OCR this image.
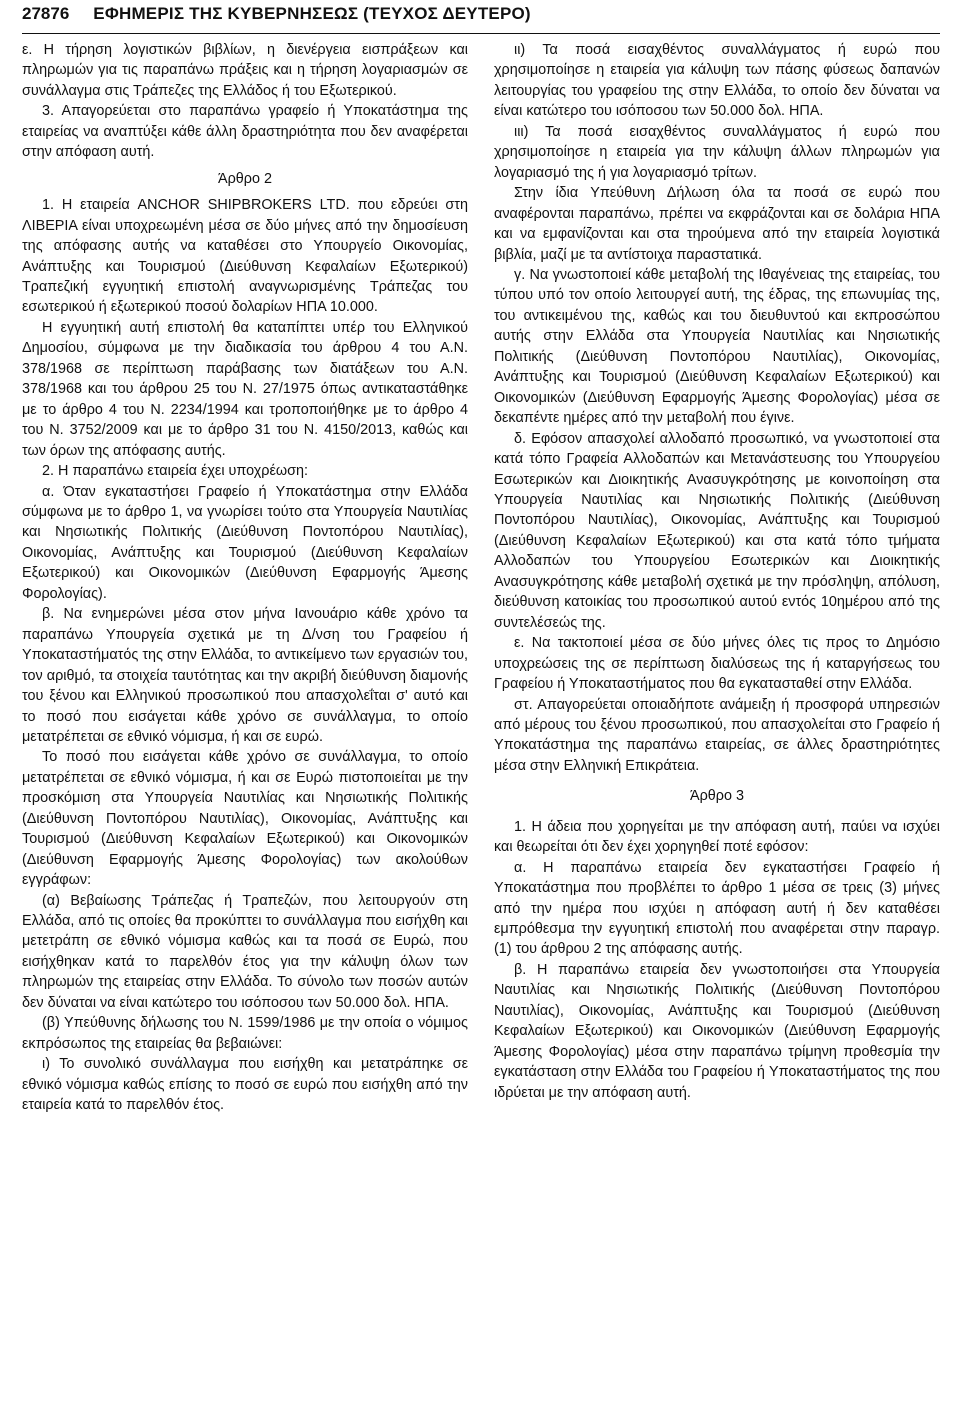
27876 ΕΦΗΜΕΡΙΣ ΤΗΣ ΚΥΒΕΡΝΗΣΕΩΣ (ΤΕΥΧΟΣ ΔΕΥΤΕΡΟ)

ε. Η τήρηση λογιστικών βιβλίων, η διενέργεια εισπράξεων και πληρωμών για τις παραπάνω πράξεις και η τήρηση λογαριασμών σε συνάλλαγμα στις Τράπεζες της Ελλάδος ή του Εξωτερικού.

3. Απαγορεύεται στο παραπάνω γραφείο ή Υποκατάστημα της εταιρείας να αναπτύξει κάθε άλλη δραστηριότητα που δεν αναφέρεται στην απόφαση αυτή.

Άρθρο 2

1. Η εταιρεία ANCHOR SHIPBROKERS LTD. που εδρεύει στη ΛΙΒΕΡΙΑ είναι υποχρεωμένη μέσα σε δύο μήνες από την δημοσίευση της απόφασης αυτής να καταθέσει στο Υπουργείο Οικονομίας, Ανάπτυξης και Τουρισμού (Διεύθυνση Κεφαλαίων Εξωτερικού) Τραπεζική εγγυητική επιστολή αναγνωρισμένης Τράπεζας του εσωτερικού ή εξωτερικού ποσού δολαρίων ΗΠΑ 10.000.

Η εγγυητική αυτή επιστολή θα καταπίπτει υπέρ του Ελληνικού Δημοσίου, σύμφωνα με την διαδικασία του άρθρου 4 του Α.Ν. 378/1968 σε περίπτωση παράβασης των διατάξεων του Α.Ν. 378/1968 και του άρθρου 25 του Ν. 27/1975 όπως αντικαταστάθηκε με το άρθρο 4 του Ν. 2234/1994 και τροποποιήθηκε με το άρθρο 4 του Ν. 3752/2009 και με το άρθρο 31 του Ν. 4150/2013, καθώς και των όρων της απόφασης αυτής.

2. Η παραπάνω εταιρεία έχει υποχρέωση:

α. Όταν εγκαταστήσει Γραφείο ή Υποκατάστημα στην Ελλάδα σύμφωνα με το άρθρο 1, να γνωρίσει τούτο στα Υπουργεία Ναυτιλίας και Νησιωτικής Πολιτικής (Διεύθυνση Ποντοπόρου Ναυτιλίας), Οικονομίας, Ανάπτυξης και Τουρισμού (Διεύθυνση Κεφαλαίων Εξωτερικού) και Οικονομικών (Διεύθυνση Εφαρμογής Άμεσης Φορολογίας).

β. Να ενημερώνει μέσα στον μήνα Ιανουάριο κάθε χρόνο τα παραπάνω Υπουργεία σχετικά με τη Δ/νση του Γραφείου ή Υποκαταστήματός της στην Ελλάδα, το αντικείμενο των εργασιών του, τον αριθμό, τα στοιχεία ταυτότητας και την ακριβή διεύθυνση διαμονής του ξένου και Ελληνικού προσωπικού που απασχολεΐται σ' αυτό και το ποσό που εισάγεται κάθε χρόνο σε συνάλλαγμα, το οποίο μετατρέπεται σε εθνικό νόμισμα, ή και σε ευρώ.

Το ποσό που εισάγεται κάθε χρόνο σε συνάλλαγμα, το οποίο μετατρέπεται σε εθνικό νόμισμα, ή και σε Ευρώ πιστοποιείται με την προσκόμιση στα Υπουργεία Ναυτιλίας και Νησιωτικής Πολιτικής (Διεύθυνση Ποντοπόρου Ναυτιλίας), Οικονομίας, Ανάπτυξης και Τουρισμού (Διεύθυνση Κεφαλαίων Εξωτερικού) και Οικονομικών (Διεύθυνση Εφαρμογής Άμεσης Φορολογίας) των ακολούθων εγγράφων:

(α) Βεβαίωσης Τράπεζας ή Τραπεζών, που λειτουργούν στη Ελλάδα, από τις οποίες θα προκύπτει το συνάλλαγμα που εισήχθη και μετετράπη σε εθνικό νόμισμα καθώς και τα ποσά σε Ευρώ, που εισήχθηκαν κατά το παρελθόν έτος για την κάλυψη όλων των πληρωμών της εταιρείας στην Ελλάδα. Το σύνολο των ποσών αυτών δεν δύναται να είναι κατώτερο του ισόποσου των 50.000 δολ. ΗΠΑ.

(β) Υπεύθυνης δήλωσης του Ν. 1599/1986 με την οποία ο νόμιμος εκπρόσωπος της εταιρείας θα βεβαιώνει:

ι) Το συνολικό συνάλλαγμα που εισήχθη και μετατράπηκε σε εθνικό νόμισμα καθώς επίσης το ποσό σε ευρώ που εισήχθη από την εταιρεία κατά το παρελθόν έτος.

ιι) Τα ποσά εισαχθέντος συναλλάγματος ή ευρώ που χρησιμοποίησε η εταιρεία για κάλυψη των πάσης φύσεως δαπανών λειτουργίας του γραφείου της στην Ελλάδα, το οποίο δεν δύναται να είναι κατώτερο του ισόποσου των 50.000 δολ. ΗΠΑ.

ιιι) Τα ποσά εισαχθέντος συναλλάγματος ή ευρώ που χρησιμοποίησε η εταιρεία για την κάλυψη άλλων πληρωμών για λογαριασμό της ή για λογαριασμό τρίτων.

Στην ίδια Υπεύθυνη Δήλωση όλα τα ποσά σε ευρώ που αναφέρονται παραπάνω, πρέπει να εκφράζονται και σε δολάρια ΗΠΑ και να εμφανίζονται και στα τηρούμενα από την εταιρεία λογιστικά βιβλία, μαζί με τα αντίστοιχα παραστατικά.

γ. Να γνωστοποιεί κάθε μεταβολή της Ιθαγένειας της εταιρείας, του τύπου υπό τον οποίο λειτουργεί αυτή, της έδρας, της επωνυμίας της, του αντικειμένου της, καθώς και του διευθυντού και εκπροσώπου αυτής στην Ελλάδα στα Υπουργεία Ναυτιλίας και Νησιωτικής Πολιτικής (Διεύθυνση Ποντοπόρου Ναυτιλίας), Οικονομίας, Ανάπτυξης και Τουρισμού (Διεύθυνση Κεφαλαίων Εξωτερικού) και Οικονομικών (Διεύθυνση Εφαρμογής Άμεσης Φορολογίας) μέσα σε δεκαπέντε ημέρες από την μεταβολή που έγινε.

δ. Εφόσον απασχολεί αλλοδαπό προσωπικό, να γνωστοποιεί στα κατά τόπο Γραφεία Αλλοδαπών και Μετανάστευσης του Υπουργείου Εσωτερικών και Διοικητικής Ανασυγκρότησης με κοινοποίηση στα Υπουργεία Ναυτιλίας και Νησιωτικής Πολιτικής (Διεύθυνση Ποντοπόρου Ναυτιλίας), Οικονομίας, Ανάπτυξης και Τουρισμού (Διεύθυνση Κεφαλαίων Εξωτερικού) και στα κατά τόπο τμήματα Αλλοδαπών του Υπουργείου Εσωτερικών και Διοικητικής Ανασυγκρότησης κάθε μεταβολή σχετικά με την πρόσληψη, απόλυση, διεύθυνση κατοικίας του προσωπικού αυτού εντός 10ημέρου από της συντελέσεώς της.

ε. Να τακτοποιεί μέσα σε δύο μήνες όλες τις προς το Δημόσιο υποχρεώσεις της σε περίπτωση διαλύσεως της ή καταργήσεως του Γραφείου ή Υποκαταστήματος που θα εγκατασταθεί στην Ελλάδα.

στ. Απαγορεύεται οποιαδήποτε ανάμειξη ή προσφορά υπηρεσιών από μέρους του ξένου προσωπικού, που απασχολείται στο Γραφείο ή Υποκατάστημα της παραπάνω εταιρείας, σε άλλες δραστηριότητες μέσα στην Ελληνική Επικράτεια.

Άρθρο 3

1. Η άδεια που χορηγείται με την απόφαση αυτή, παύει να ισχύει και θεωρείται ότι δεν έχει χορηγηθεί ποτέ εφόσον:

α. Η παραπάνω εταιρεία δεν εγκαταστήσει Γραφείο ή Υποκατάστημα που προβλέπει το άρθρο 1 μέσα σε τρεις (3) μήνες από την ημέρα που ισχύει η απόφαση αυτή ή δεν καταθέσει εμπρόθεσμα την εγγυητική επιστολή που αναφέρεται στην παραγρ. (1) του άρθρου 2 της απόφασης αυτής.

β. Η παραπάνω εταιρεία δεν γνωστοποιήσει στα Υπουργεία Ναυτιλίας και Νησιωτικής Πολιτικής (Διεύθυνση Ποντοπόρου Ναυτιλίας), Οικονομίας, Ανάπτυξης και Τουρισμού (Διεύθυνση Κεφαλαίων Εξωτερικού) και Οικονομικών (Διεύθυνση Εφαρμογής Άμεσης Φορολογίας) μέσα στην παραπάνω τρίμηνη προθεσμία την εγκατάσταση στην Ελλάδα του Γραφείου ή Υποκαταστήματος της που ιδρύεται με την απόφαση αυτή.
